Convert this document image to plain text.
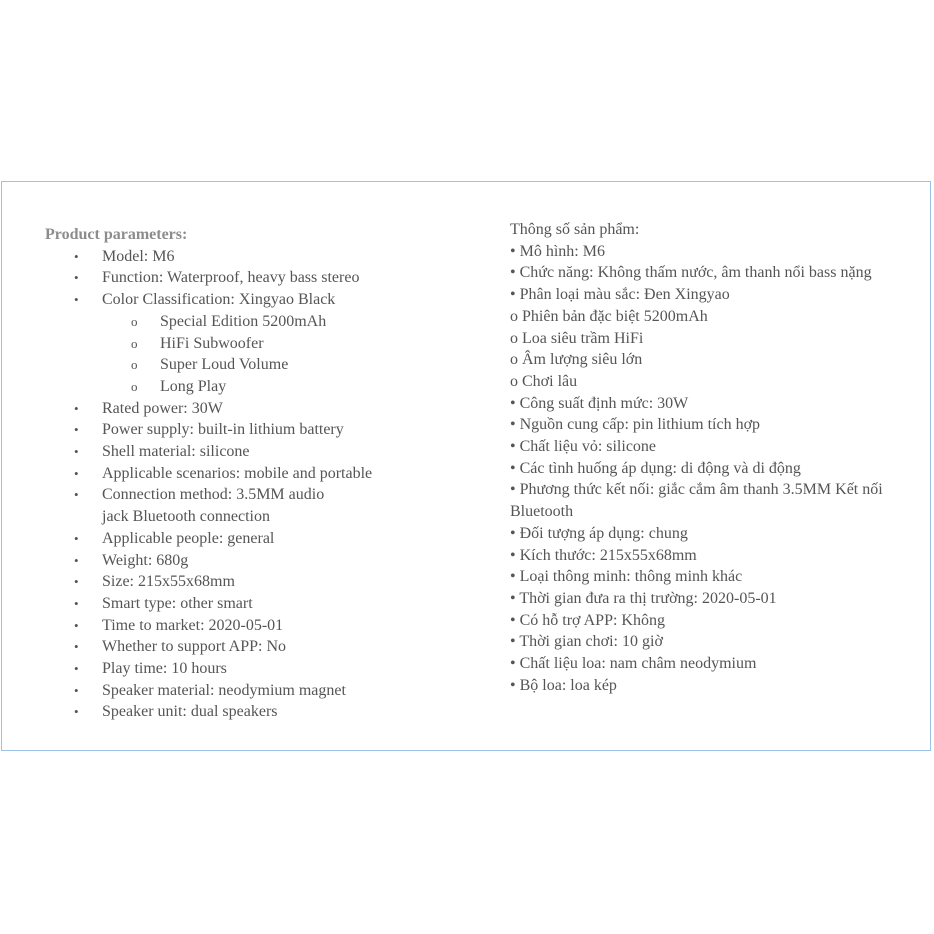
Product parameters:

• Model: M6
• Function: Waterproof, heavy bass stereo
• Color Classification: Xingyao Black
o Special Edition 5200mAh
o HiFi Subwoofer
o Super Loud Volume
o Long Play
• Rated power: 30W
• Power supply: built-in lithium battery
• Shell material: silicone
• Applicable scenarios: mobile and portable
• Connection method: 3.5MM audio jack Bluetooth connection
• Applicable people: general
• Weight: 680g
• Size: 215x55x68mm
• Smart type: other smart
• Time to market: 2020-05-01
• Whether to support APP: No
• Play time: 10 hours
• Speaker material: neodymium magnet
• Speaker unit: dual speakers

Thông số sản phẩm:

• Mô hình: M6

• Chức năng: Không thấm nước, âm thanh nổi bass nặng

• Phân loại màu sắc: Đen Xingyao

o Phiên bản đặc biệt 5200mAh

o Loa siêu trầm HiFi

o Âm lượng siêu lớn

o Chơi lâu

• Công suất định mức: 30W

• Nguồn cung cấp: pin lithium tích hợp

• Chất liệu vỏ: silicone

• Các tình huống áp dụng: di động và di động

• Phương thức kết nối: giắc cắm âm thanh 3.5MM Kết nối Bluetooth

• Đối tượng áp dụng: chung

• Kích thước: 215x55x68mm

• Loại thông minh: thông minh khác

• Thời gian đưa ra thị trường: 2020-05-01

• Có hỗ trợ APP: Không

• Thời gian chơi: 10 giờ

• Chất liệu loa: nam châm neodymium

• Bộ loa: loa kép
